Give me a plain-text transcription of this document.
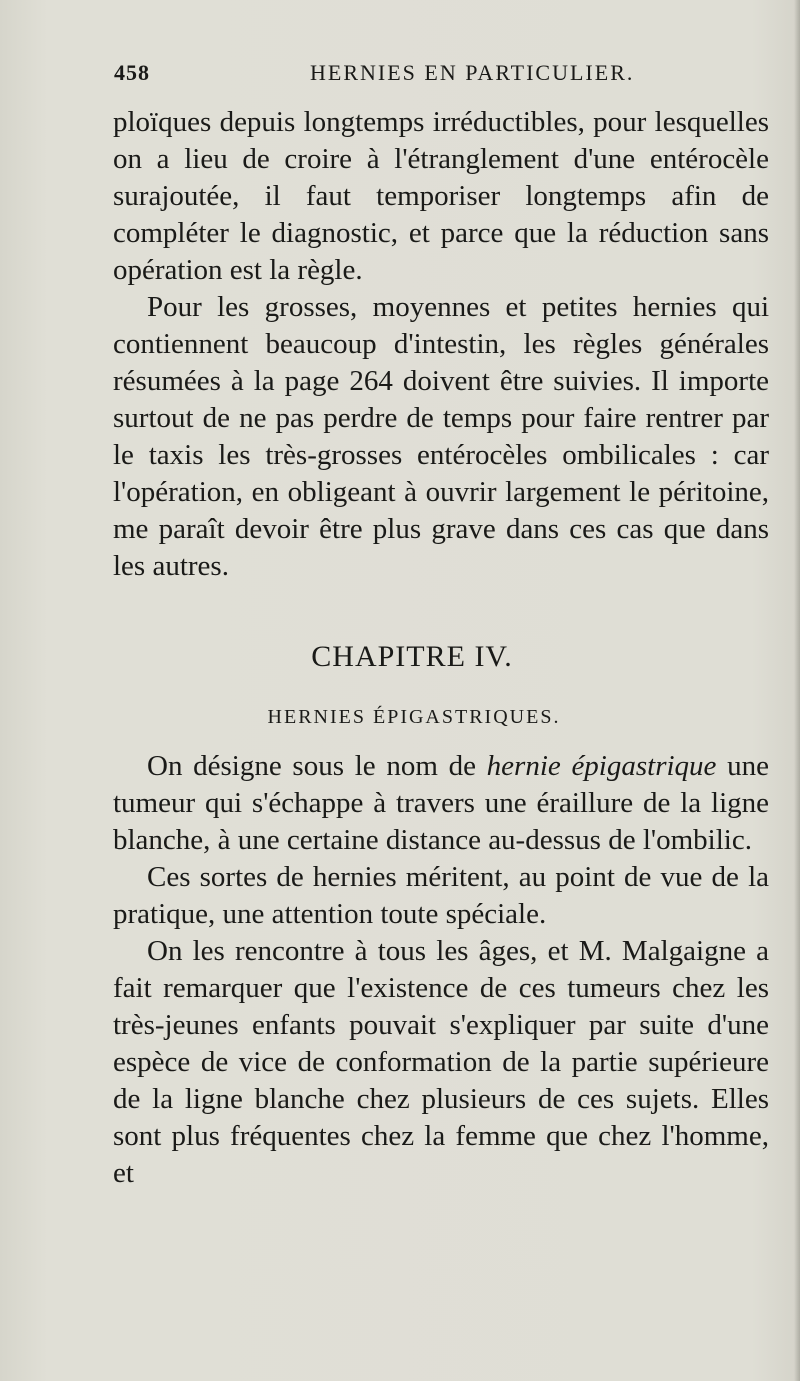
458	HERNIES EN PARTICULIER.

ploïques depuis longtemps irréductibles, pour lesquelles on a lieu de croire à l'étranglement d'une entérocèle surajoutée, il faut temporiser longtemps afin de compléter le diagnostic, et parce que la réduction sans opération est la règle.

Pour les grosses, moyennes et petites hernies qui contiennent beaucoup d'intestin, les règles générales résumées à la page 264 doivent être suivies. Il importe surtout de ne pas perdre de temps pour faire rentrer par le taxis les très-grosses entérocèles ombilicales : car l'opération, en obligeant à ouvrir largement le péritoine, me paraît devoir être plus grave dans ces cas que dans les autres.

CHAPITRE IV.
HERNIES ÉPIGASTRIQUES.

On désigne sous le nom de hernie épigastrique une tumeur qui s'échappe à travers une éraillure de la ligne blanche, à une certaine distance au-dessus de l'ombilic.

Ces sortes de hernies méritent, au point de vue de la pratique, une attention toute spéciale.

On les rencontre à tous les âges, et M. Malgaigne a fait remarquer que l'existence de ces tumeurs chez les très-jeunes enfants pouvait s'expliquer par suite d'une espèce de vice de conformation de la partie supérieure de la ligne blanche chez plusieurs de ces sujets. Elles sont plus fréquentes chez la femme que chez l'homme, et
